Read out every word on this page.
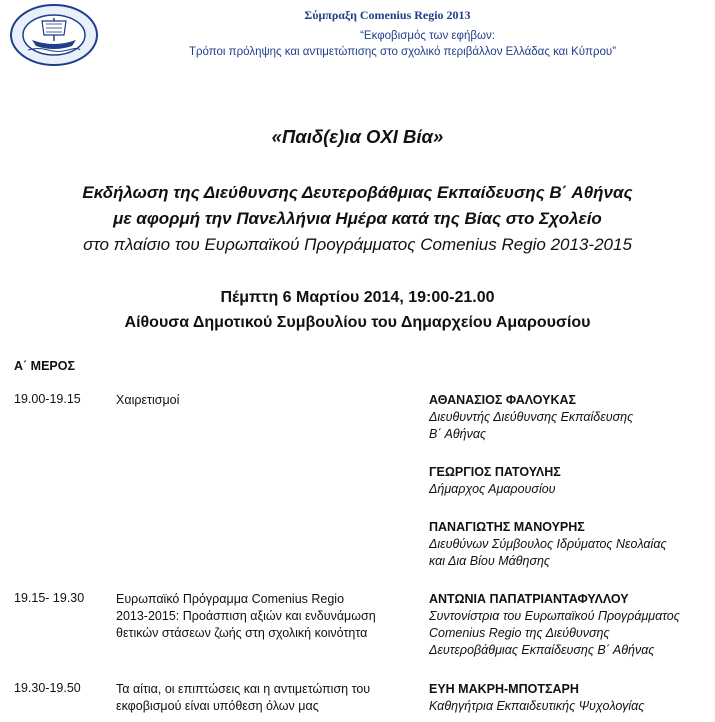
Σύμπραξη Comenius Regio 2013
“Εκφοβισμός των εφήβων:
Τρόποι πρόληψης και αντιμετώπισης στο σχολικό περιβάλλον Ελλάδας και Κύπρου”
«Παιδ(ε)ια ΟΧΙ Βία»
Εκδήλωση της Διεύθυνσης Δευτεροβάθμιας Εκπαίδευσης Β΄ Αθήνας
με αφορμή την Πανελλήνια Ημέρα κατά της Βίας στο Σχολείο
στο πλαίσιο του Ευρωπαϊκού Προγράμματος Comenius Regio 2013-2015
Πέμπτη 6 Μαρτίου 2014, 19:00-21.00
Αίθουσα Δημοτικού Συμβουλίου του Δημαρχείου Αμαρουσίου
Α΄ ΜΕΡΟΣ
19.00-19.15	Χαιρετισμοί	ΑΘΑΝΑΣΙΟΣ ΦΑΛΟΥΚΑΣ
Διευθυντής Διεύθυνσης Εκπαίδευσης
Β΄ Αθήνας
ΓΕΩΡΓΙΟΣ ΠΑΤΟΥΛΗΣ
Δήμαρχος Αμαρουσίου
ΠΑΝΑΓΙΩΤΗΣ ΜΑΝΟΥΡΗΣ
Διευθύνων Σύμβουλος Ιδρύματος Νεολαίας
και Δια Βίου Μάθησης
19.15- 19.30	Ευρωπαϊκό Πρόγραμμα Comenius Regio
2013-2015: Προάσπιση αξιών και ενδυνάμωση
θετικών στάσεων ζωής στη σχολική κοινότητα
ΑΝΤΩΝΙΑ ΠΑΠΑΤΡΙΑΝΤΑΦΥΛΛΟΥ
Συντονίστρια του Ευρωπαϊκού Προγράμματος
Comenius Regio της Διεύθυνσης
Δευτεροβάθμιας Εκπαίδευσης Β΄ Αθήνας
19.30-19.50	Τα αίτια, οι επιπτώσεις και η αντιμετώπιση του
εκφοβισμού είναι υπόθεση όλων μας
ΕΥΗ ΜΑΚΡΗ-ΜΠΟΤΣΑΡΗ
Καθηγήτρια Εκπαιδευτικής Ψυχολογίας
